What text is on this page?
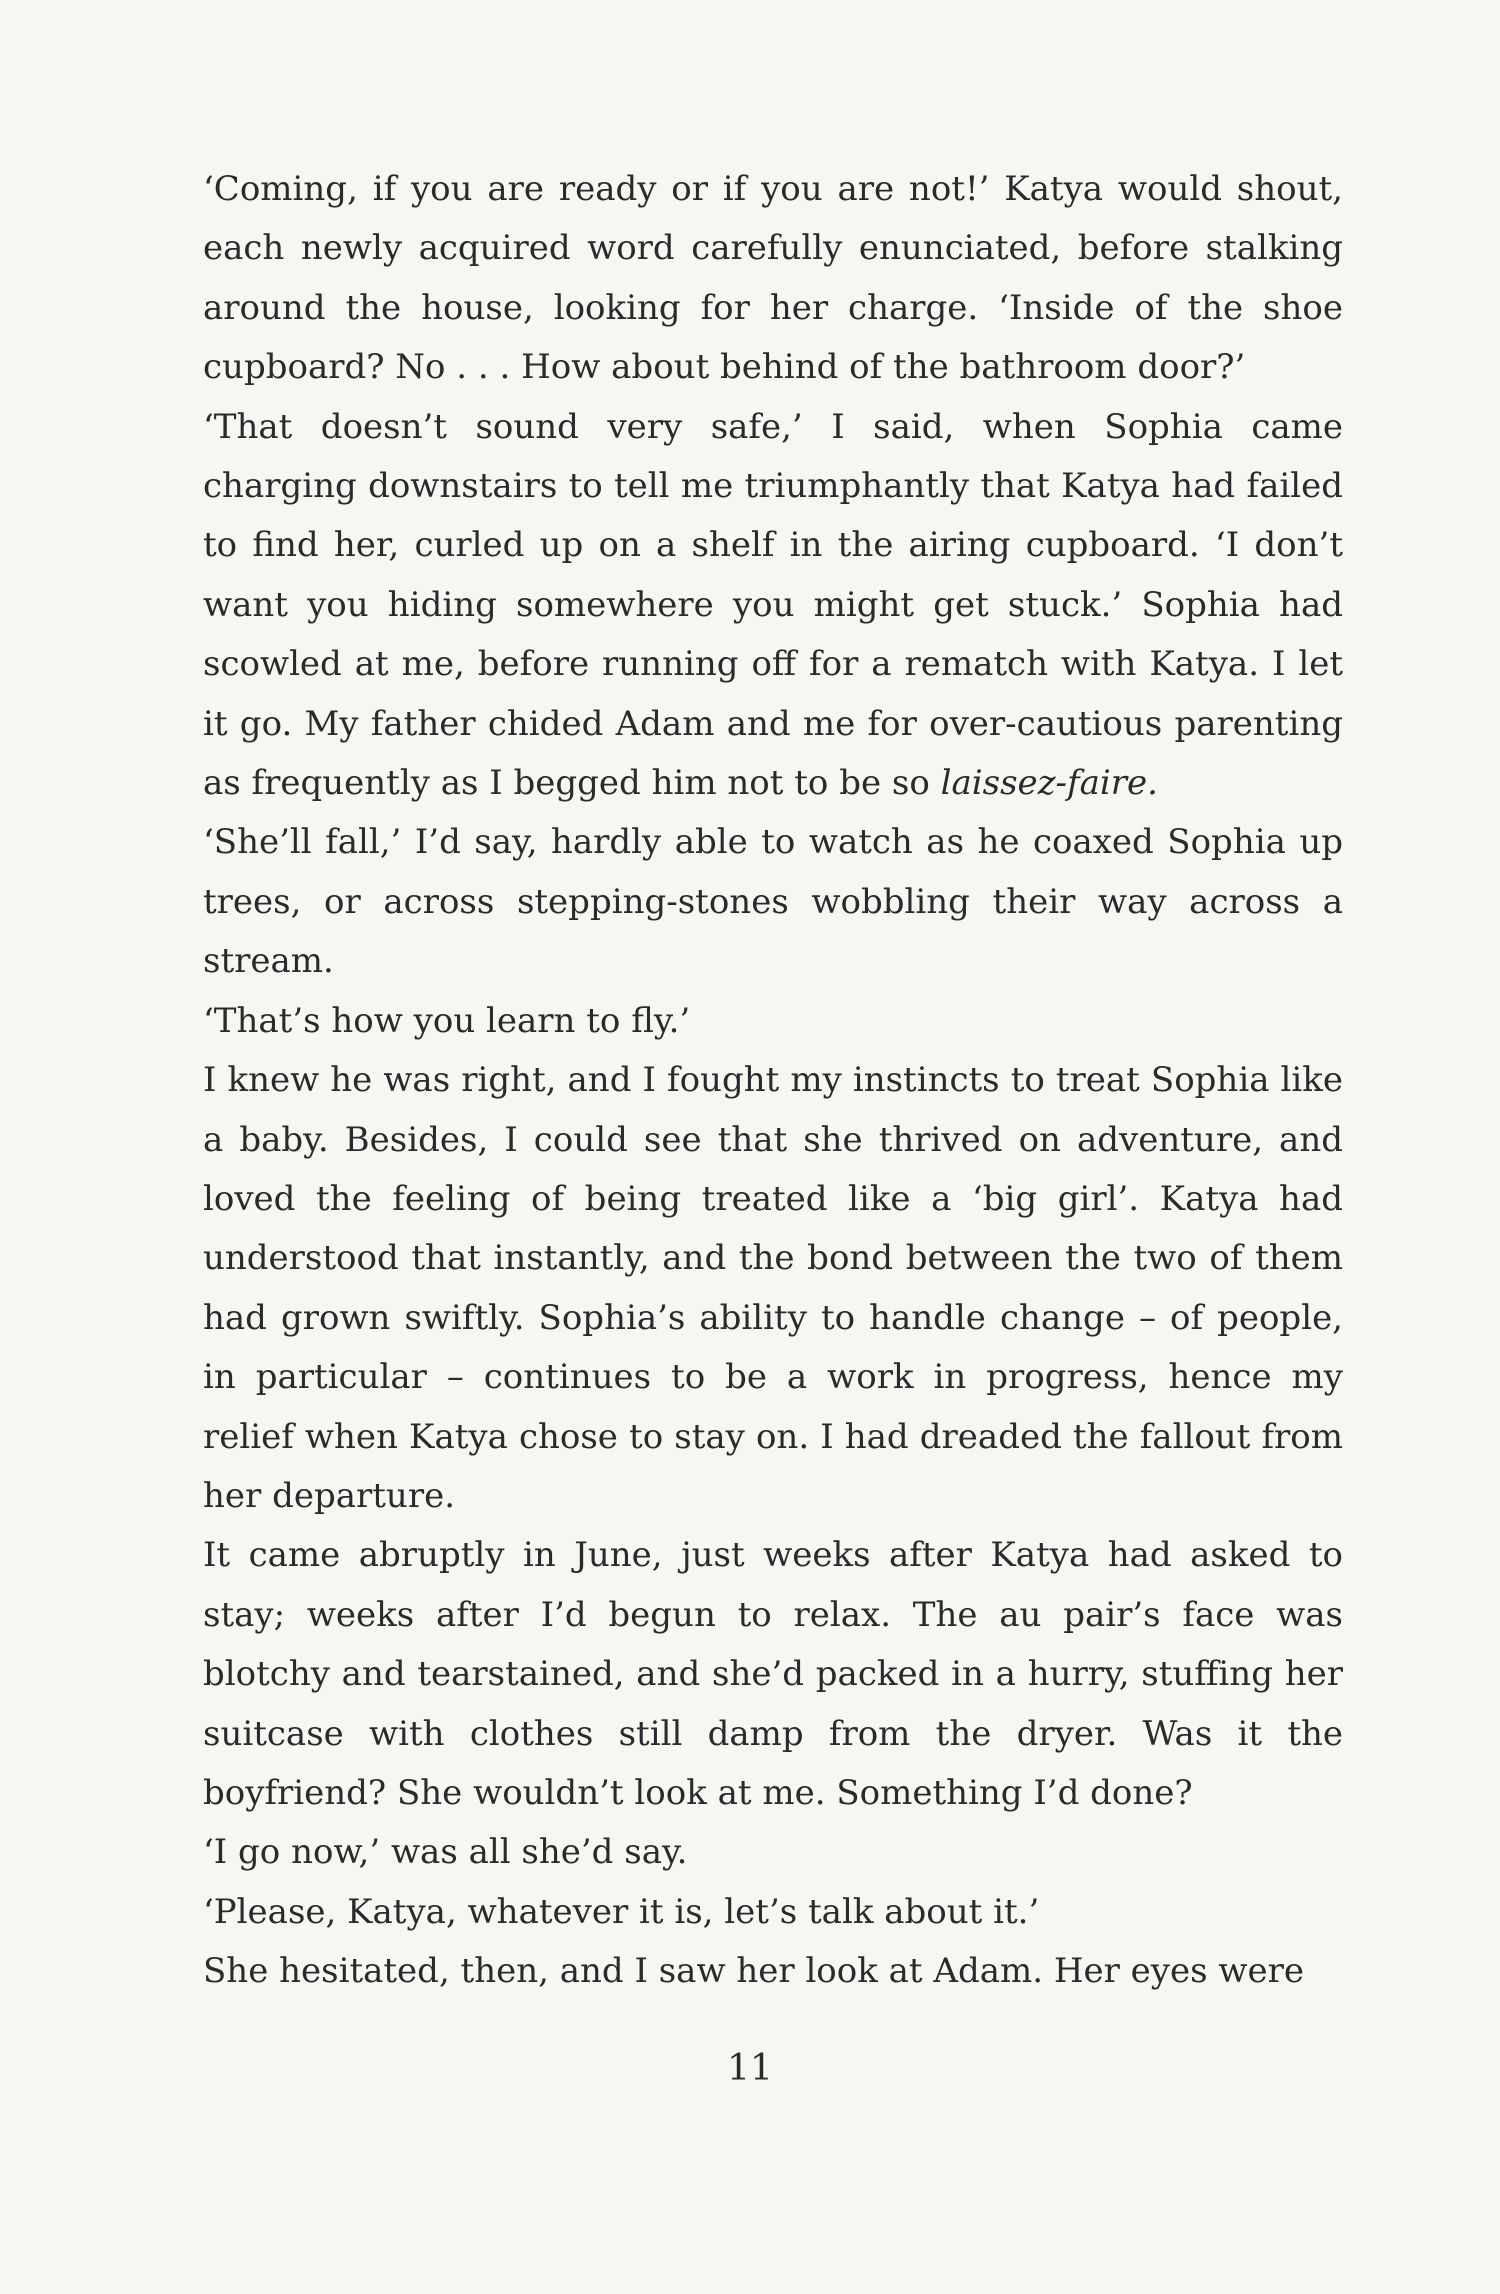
‘Coming, if you are ready or if you are not!’ Katya would shout, each newly acquired word carefully enunciated, before stalking around the house, looking for her charge. ‘Inside of the shoe cupboard? No . . . How about behind of the bathroom door?’

‘That doesn’t sound very safe,’ I said, when Sophia came charging downstairs to tell me triumphantly that Katya had failed to find her, curled up on a shelf in the airing cupboard. ‘I don’t want you hiding somewhere you might get stuck.’ Sophia had scowled at me, before running off for a rematch with Katya. I let it go. My father chided Adam and me for over-cautious parenting as frequently as I begged him not to be so laissez-faire.

‘She’ll fall,’ I’d say, hardly able to watch as he coaxed Sophia up trees, or across stepping-stones wobbling their way across a stream.

‘That’s how you learn to fly.’

I knew he was right, and I fought my instincts to treat Sophia like a baby. Besides, I could see that she thrived on adventure, and loved the feeling of being treated like a ‘big girl’. Katya had understood that instantly, and the bond between the two of them had grown swiftly. Sophia’s ability to handle change – of people, in particular – continues to be a work in progress, hence my relief when Katya chose to stay on. I had dreaded the fallout from her departure.

It came abruptly in June, just weeks after Katya had asked to stay; weeks after I’d begun to relax. The au pair’s face was blotchy and tearstained, and she’d packed in a hurry, stuffing her suitcase with clothes still damp from the dryer. Was it the boyfriend? She wouldn’t look at me. Something I’d done?

‘I go now,’ was all she’d say.

‘Please, Katya, whatever it is, let’s talk about it.’

She hesitated, then, and I saw her look at Adam. Her eyes were

11
